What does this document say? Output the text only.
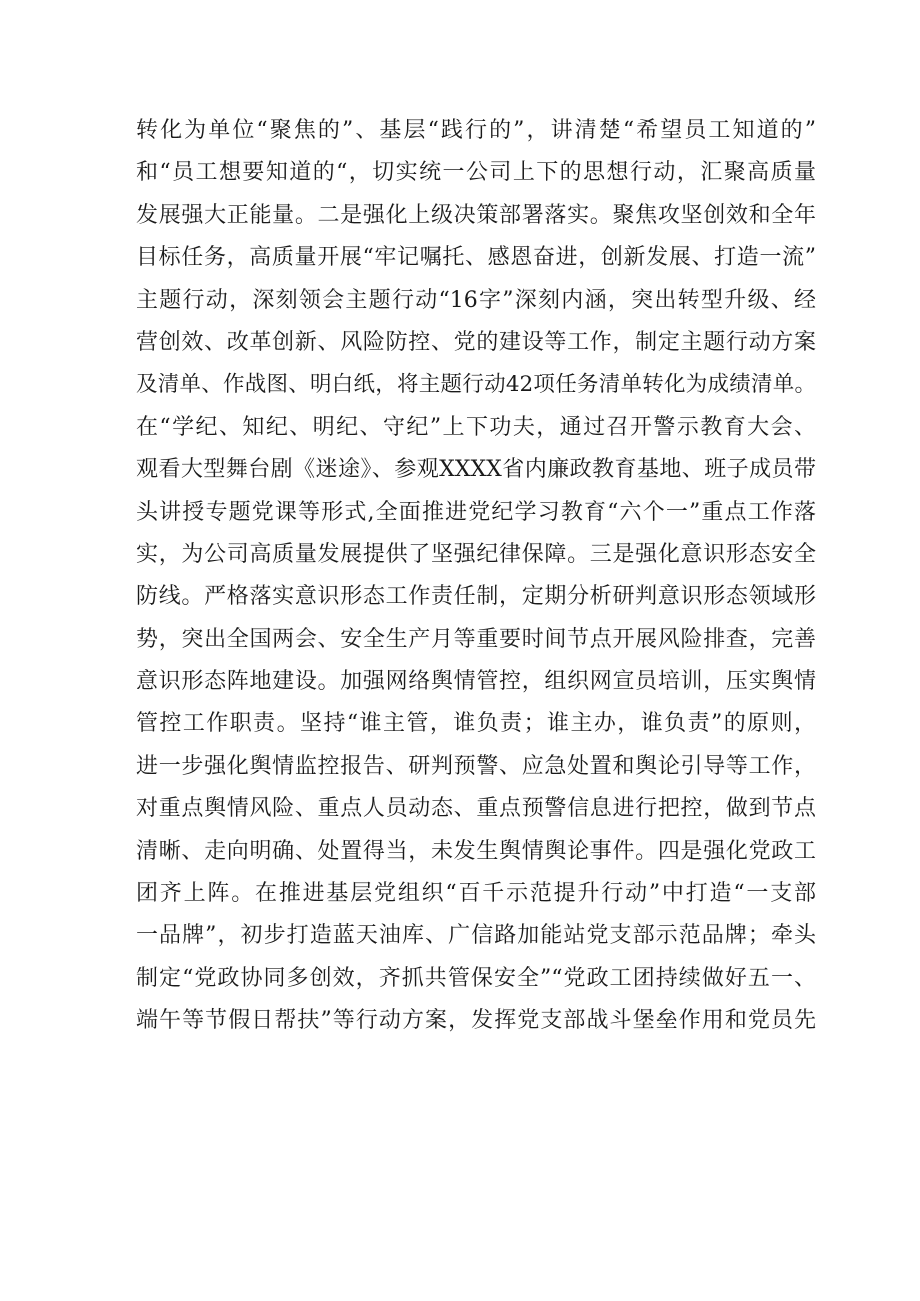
转化为单位“聚焦的”、基层“践行的”，讲清楚“希望员工知道的”
和“员工想要知道的“，切实统一公司上下的思想行动，汇聚高质量
发展强大正能量。二是强化上级决策部署落实。聚焦攻坚创效和全年
目标任务，高质量开展“牢记嘱托、感恩奋进，创新发展、打造一流”
主题行动，深刻领会主题行动“16字”深刻内涵，突出转型升级、经
营创效、改革创新、风险防控、党的建设等工作，制定主题行动方案
及清单、作战图、明白纸，将主题行动42项任务清单转化为成绩清单。
在“学纪、知纪、明纪、守纪”上下功夫，通过召开警示教育大会、
观看大型舞台剧《迷途》、参观XXXX省内廉政教育基地、班子成员带
头讲授专题党课等形式,全面推进党纪学习教育“六个一”重点工作落
实，为公司高质量发展提供了坚强纪律保障。三是强化意识形态安全
防线。严格落实意识形态工作责任制，定期分析研判意识形态领域形
势，突出全国两会、安全生产月等重要时间节点开展风险排查，完善
意识形态阵地建设。加强网络舆情管控，组织网宣员培训，压实舆情
管控工作职责。坚持“谁主管，谁负责；谁主办，谁负责”的原则，
进一步强化舆情监控报告、研判预警、应急处置和舆论引导等工作，
对重点舆情风险、重点人员动态、重点预警信息进行把控，做到节点
清晰、走向明确、处置得当，未发生舆情舆论事件。四是强化党政工
团齐上阵。在推进基层党组织“百千示范提升行动”中打造“一支部
一品牌”，初步打造蓝天油库、广信路加能站党支部示范品牌；牵头
制定“党政协同多创效，齐抓共管保安全”“党政工团持续做好五一、
端午等节假日帮扶”等行动方案，发挥党支部战斗堡垒作用和党员先
